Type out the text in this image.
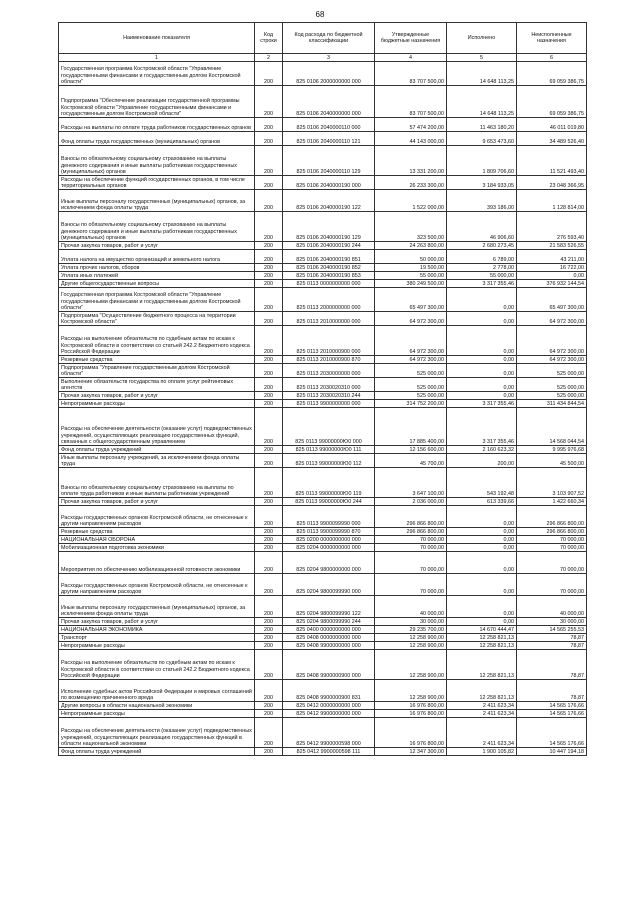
68
Наименование показателя	Код строки	Код расхода по бюджетной классификации	Утвержденные бюджетные назначения	Исполнено	Неисполненные назначения
1	2	3	4	5	6
Государственная программа Костромской области "Управление государственными финансами и государственным долгом Костромской области"	200	825 0106 2000000000 000	83 707 500,00	14 648 113,25	69 059 386,75
Подпрограмма "Обеспечение реализации государственной программы Костромской области "Управление государственными финансами и государственным долгом Костромской области"	200	825 0106 2040000000 000	83 707 500,00	14 648 113,25	69 059 386,75
Расходы на выплаты по оплате труда работников государственных органов	200	825 0106 2040000110 000	57 474 200,00	11 463 180,20	46 011 019,80
Фонд оплаты труда государственных (муниципальных) органов	200	825 0106 2040000110 121	44 143 000,00	9 653 473,60	34 489 526,40
Взносы по обязательному социальному страхованию на выплаты денежного содержания и иные выплаты работникам государственных (муниципальных) органов	200	825 0106 2040000110 129	13 331 200,00	1 809 706,60	11 521 493,40
Расходы на обеспечение функций государственных органов, в том числе территориальных органов	200	825 0106 2040000190 000	26 233 300,00	3 184 933,05	23 048 366,95
Иные выплаты персоналу государственных (муниципальных) органов, за исключением фонда оплаты труда	200	825 0106 2040000190 122	1 522 000,00	393 186,00	1 128 814,00
Взносы по обязательному социальному страхованию на выплаты денежного содержания и иные выплаты работникам государственных (муниципальных) органов	200	825 0106 2040000190 129	323 500,00	46 906,60	276 593,40
Прочая закупка товаров, работ и услуг	200	825 0106 2040000190 244	24 263 800,00	2 680 273,45	21 583 526,55
Уплата налога на имущество организаций и земельного налога	200	825 0106 2040000190 851	50 000,00	6 789,00	43 211,00
Уплата прочих налогов, сборов	200	825 0106 2040000190 852	19 500,00	2 778,00	16 722,00
Уплата иных платежей	200	825 0106 2040000190 853	55 000,00	55 000,00	0,00
Другие общегосударственные вопросы	200	825 0113 0000000000 000	380 249 500,00	3 317 355,46	376 932 144,54
Государственная программа Костромской области "Управление государственными финансами и государственным долгом Костромской области"	200	825 0113 2000000000 000	65 497 300,00	0,00	65 497 300,00
Подпрограмма "Осуществление бюджетного процесса на территории Костромской области"	200	825 0113 2010000000 000	64 972 300,00	0,00	64 972 300,00
Расходы на выполнение обязательств по судебным актам по искам к Костромской области в соответствии со статьей 242.2 Бюджетного кодекса Российской Федерации	200	825 0113 2010000900 000	64 972 300,00	0,00	64 972 300,00
Резервные средства	200	825 0113 2010000900 870	64 972 300,00	0,00	64 972 300,00
Подпрограмма "Управление государственным долгом Костромской области"	200	825 0113 2030000000 000	525 000,00	0,00	525 000,00
Выполнение обязательств государства по оплате услуг рейтинговых агентств	200	825 0113 2030020310 000	525 000,00	0,00	525 000,00
Прочая закупка товаров, работ и услуг	200	825 0113 2030020310 244	525 000,00	0,00	525 000,00
Непрограммные расходы	200	825 0113 9900000000 000	314 752 200,00	3 317 355,46	311 434 844,54
Расходы на обеспечение деятельности (оказание услуг) подведомственных учреждений, осуществляющих реализацию государственных функций, связанных с общегосударственным управлением	200	825 0113 99000000Ю0 000	17 885 400,00	3 317 355,46	14 568 044,54
Фонд оплаты труда учреждений	200	825 0113 99000000Ю0 111	12 156 600,00	2 160 623,32	9 995 976,68
Иные выплаты персоналу учреждений, за исключением фонда оплаты труда	200	825 0113 99000000Ю0 112	45 700,00	200,00	45 500,00
Взносы по обязательному социальному страхованию на выплаты по оплате труда работников и иные выплаты работникам учреждений	200	825 0113 99000000Ю0 119	3 647 100,00	543 192,48	3 103 907,52
Прочая закупка товаров, работ и услуг	200	825 0113 99000000Ю0 244	2 036 000,00	613 339,66	1 422 660,34
Расходы государственных органов Костромской области, не отнесенные к другим направлениям расходов	200	825 0113 9900099990 000	296 866 800,00	0,00	296 866 800,00
Резервные средства	200	825 0113 9900099990 870	296 866 800,00	0,00	296 866 800,00
НАЦИОНАЛЬНАЯ ОБОРОНА	200	825 0200 0000000000 000	70 000,00	0,00	70 000,00
Мобилизационная подготовка экономики	200	825 0204 0000000000 000	70 000,00	0,00	70 000,00
Мероприятия по обеспечению мобилизационной готовности экономики	200	825 0204 9800000000 000	70 000,00	0,00	70 000,00
Расходы государственных органов Костромской области, не отнесенные к другим направлениям расходов	200	825 0204 9800099990 000	70 000,00	0,00	70 000,00
Иные выплаты персоналу государственных (муниципальных) органов, за исключением фонда оплаты труда	200	825 0204 9800099990 122	40 000,00	0,00	40 000,00
Прочая закупка товаров, работ и услуг	200	825 0204 9800099990 244	30 000,00	0,00	30 000,00
НАЦИОНАЛЬНАЯ ЭКОНОМИКА	200	825 0400 0000000000 000	29 235 700,00	14 670 444,47	14 565 255,53
Транспорт	200	825 0408 0000000000 000	12 258 900,00	12 258 821,13	78,87
Непрограммные расходы	200	825 0408 9900000000 000	12 258 900,00	12 258 821,13	78,87
Расходы на выполнение обязательств по судебным актам по искам к Костромской области в соответствии со статьей 242.2 Бюджетного кодекса Российской Федерации	200	825 0408 9900000900 000	12 258 900,00	12 258 821,13	78,87
Исполнение судебных актов Российской Федерации и мировых соглашений по возмещению причиненного вреда	200	825 0408 9900000900 831	12 258 900,00	12 258 821,13	78,87
Другие вопросы в области национальной экономики	200	825 0412 0000000000 000	16 976 800,00	2 411 623,34	14 565 176,66
Непрограммные расходы	200	825 0412 9900000000 000	16 976 800,00	2 411 623,34	14 565 176,66
Расходы на обеспечение деятельности (оказание услуг) подведомственных учреждений, осуществляющих реализацию государственных функций в области национальной экономики	200	825 0412 9900000598 000	16 976 800,00	2 411 623,34	14 565 176,66
Фонд оплаты труда учреждений	200	825 0412 9900000598 111	12 347 300,00	1 900 105,82	10 447 194,18
